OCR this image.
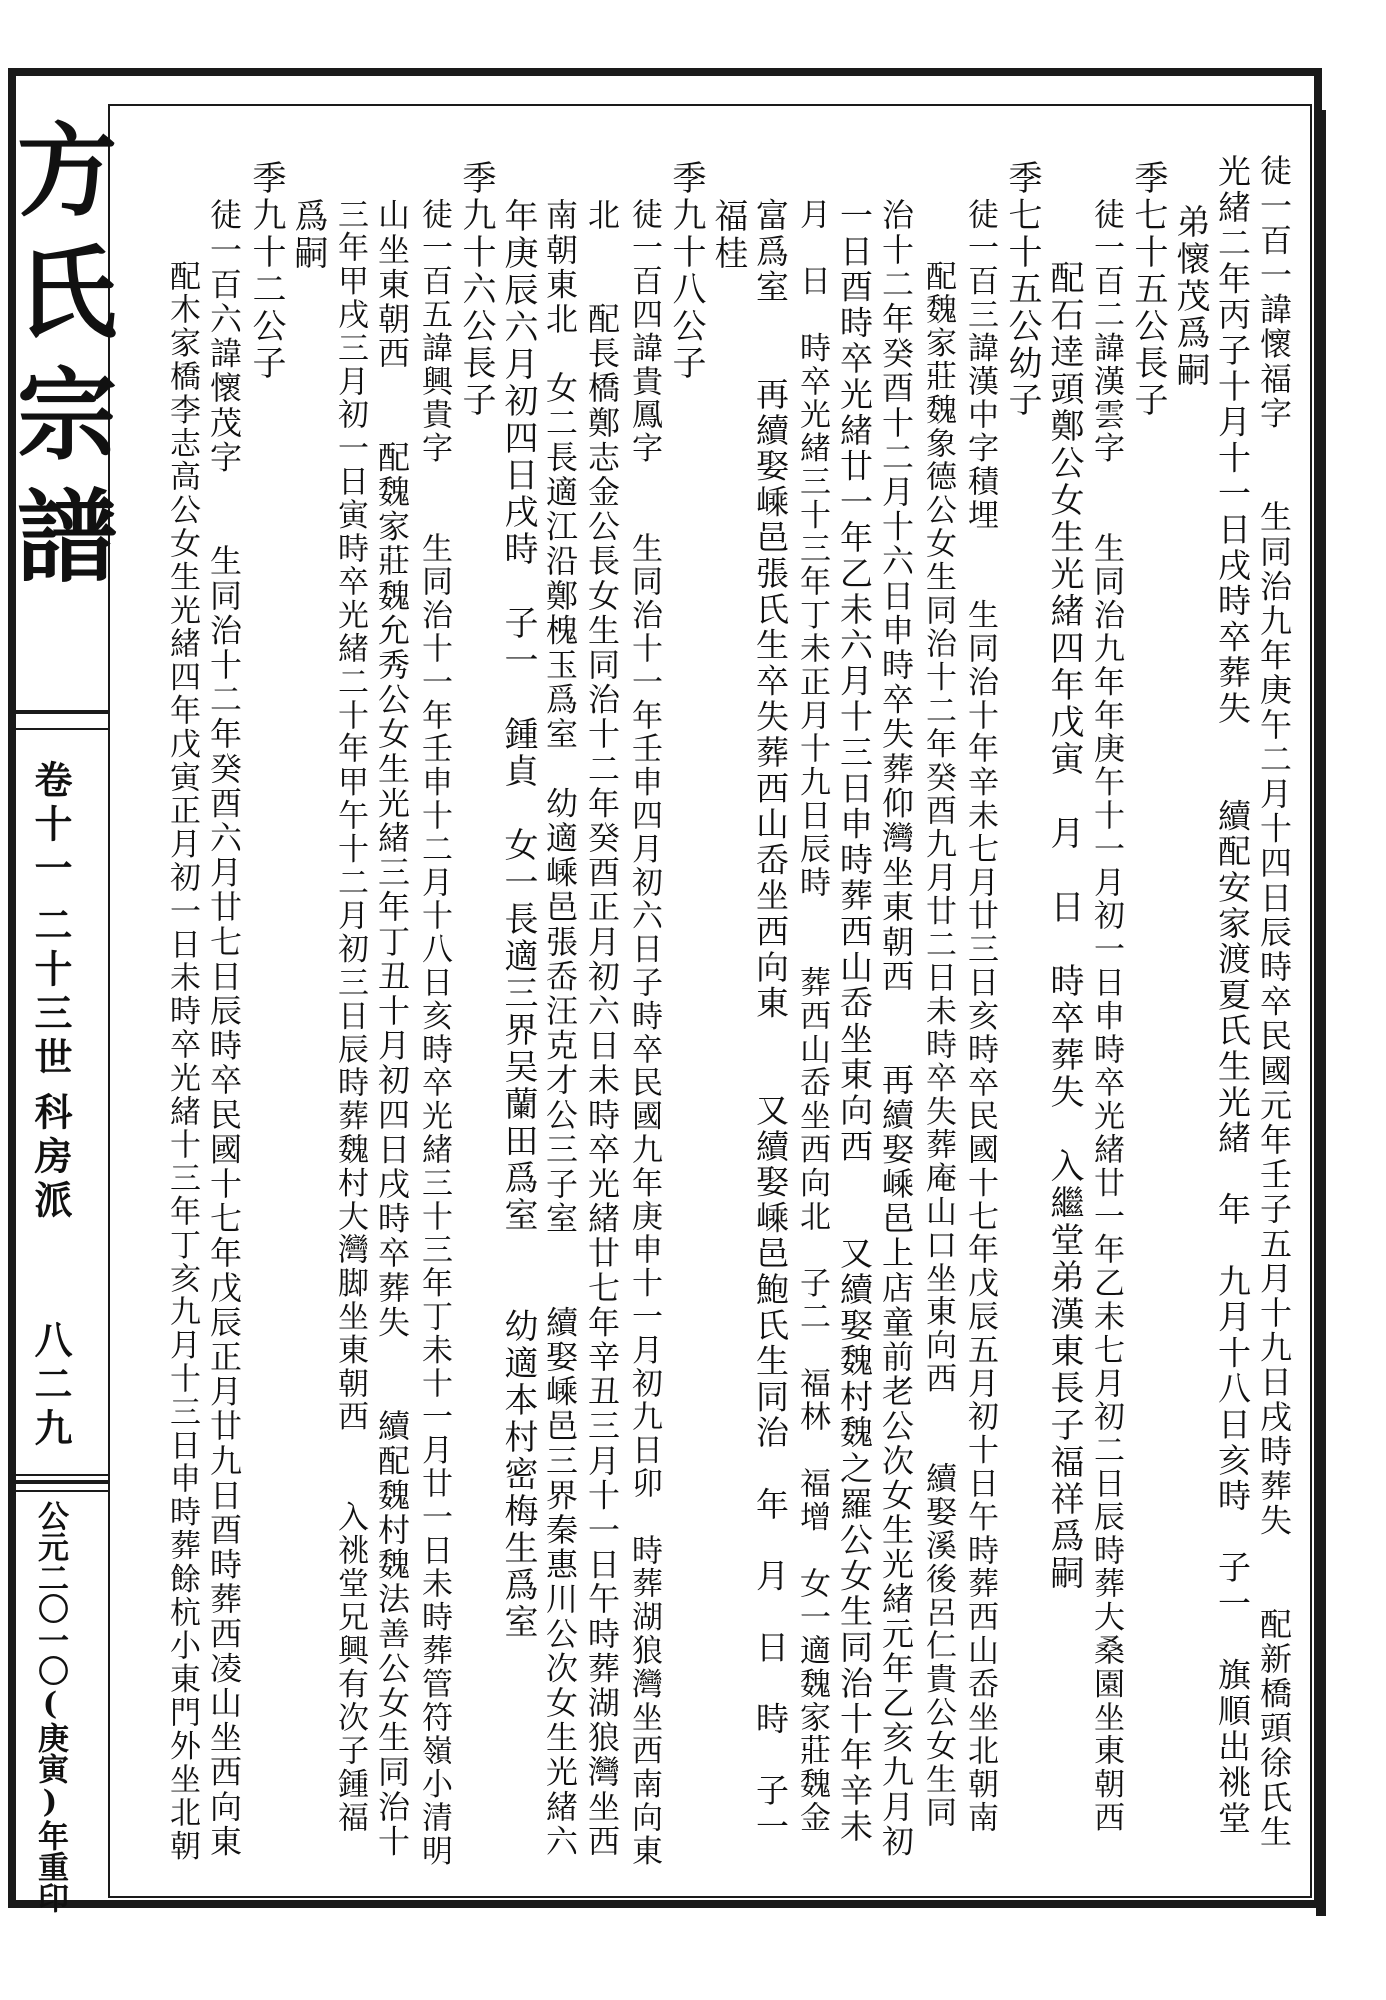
方氏宗譜
卷十一
二十三世
科房派
八二九
公元二〇一〇(庚寅)年重印	徒一百一諱懷福字　　生同治九年庚午二月十四日辰時卒民國元年壬子五月十九日戌時葬失　　配新橋頭徐氏生
光緒二年丙子十月十一日戌時卒葬失　　續配安家渡夏氏生光緒　年　九月十八日亥時　子一　旗順出祧堂
弟懷茂爲嗣
季七十五公長子
徒一百二諱漢雲字　　生同治九年年庚午十一月初一日申時卒光緒廿一年乙未七月初二日辰時葬大桑園坐東朝西
配石逹頭鄭公女生光緒四年戊寅　月　日　時卒葬失　入繼堂弟漢東長子福祥爲嗣
季七十五公幼子
徒一百三諱漢中字積埋　　生同治十年辛未七月廿三日亥時卒民國十七年戊辰五月初十日午時葬西山岙坐北朝南
配魏家莊魏象德公女生同治十二年癸酉九月廿二日未時卒失葬庵山口坐東向西　　續娶溪後呂仁貴公女生同
治十二年癸酉十二月十六日申時卒失葬仰灣坐東朝西　　再續娶嵊邑上店童前老公次女生光緒元年乙亥九月初
一日酉時卒光緒廿一年乙未六月十三日申時葬西山岙坐東向西　　又續娶魏村魏之羅公女生同治十年辛未
月　日　時卒光緒三十三年丁未正月十九日辰時　　葬西山岙坐西向北　子二　福林　福增　女一適魏家莊魏金
富爲室　　再續娶嵊邑張氏生卒失葬西山岙坐西向東　　又續娶嵊邑鮑氏生同治　年　月　日　時　子一
福桂
季九十八公子
徒一百四諱貴鳳字　　生同治十一年壬申四月初六日子時卒民國九年庚申十一月初九日卯　時葬湖狼灣坐西南向東
北　　配長橋鄭志金公長女生同治十二年癸酉正月初六日未時卒光緒廿七年辛丑三月十一日午時葬湖狼灣坐西
南朝東北　女二長適江沿鄭槐玉爲室　幼適嵊邑張岙汪克才公三子室　　續娶嵊邑三界秦惠川公次女生光緒六
年庚辰六月初四日戌時　子一　鍾貞　女一長適三界吴蘭田爲室　　幼適本村密梅生爲室
季九十六公長子
徒一百五諱興貴字　　生同治十一年壬申十二月十八日亥時卒光緒三十三年丁未十一月廿一日未時葬管符嶺小清明
山坐東朝西　　配魏家莊魏允秀公女生光緒三年丁丑十月初四日戌時卒葬失　　續配魏村魏法善公女生同治十
三年甲戌三月初一日寅時卒光緒二十年甲午十二月初三日辰時葬魏村大灣脚坐東朝西　　入祧堂兄興有次子鍾福
爲嗣
季九十二公子
徒一百六諱懷茂字　　生同治十二年癸酉六月廿七日辰時卒民國十七年戊辰正月廿九日酉時葬西凌山坐西向東
配木家橋李志高公女生光緒四年戊寅正月初一日未時卒光緒十三年丁亥九月十三日申時葬餘杭小東門外坐北朝
